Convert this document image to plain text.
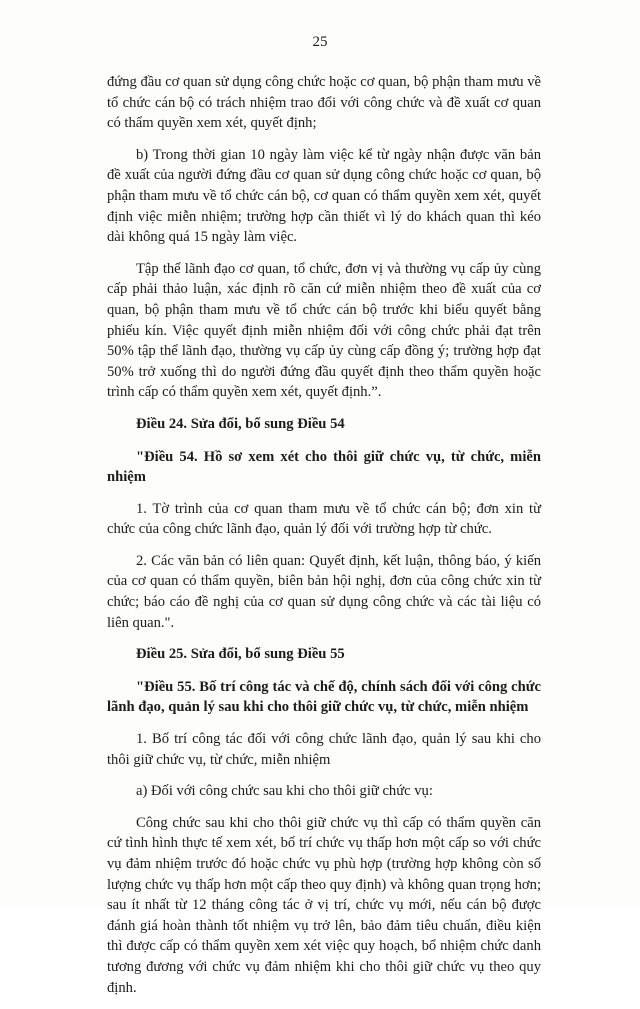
25

đứng đầu cơ quan sử dụng công chức hoặc cơ quan, bộ phận tham mưu về tổ chức cán bộ có trách nhiệm trao đổi với công chức và đề xuất cơ quan có thẩm quyền xem xét, quyết định;

b) Trong thời gian 10 ngày làm việc kể từ ngày nhận được văn bản đề xuất của người đứng đầu cơ quan sử dụng công chức hoặc cơ quan, bộ phận tham mưu về tổ chức cán bộ, cơ quan có thẩm quyền xem xét, quyết định việc miễn nhiệm; trường hợp cần thiết vì lý do khách quan thì kéo dài không quá 15 ngày làm việc.

Tập thể lãnh đạo cơ quan, tổ chức, đơn vị và thường vụ cấp ủy cùng cấp phải thảo luận, xác định rõ căn cứ miễn nhiệm theo đề xuất của cơ quan, bộ phận tham mưu về tổ chức cán bộ trước khi biểu quyết bằng phiếu kín. Việc quyết định miễn nhiệm đối với công chức phải đạt trên 50% tập thể lãnh đạo, thường vụ cấp ủy cùng cấp đồng ý; trường hợp đạt 50% trở xuống thì do người đứng đầu quyết định theo thẩm quyền hoặc trình cấp có thẩm quyền xem xét, quyết định.”.

Điều 24. Sửa đổi, bổ sung Điều 54

"Điều 54. Hồ sơ xem xét cho thôi giữ chức vụ, từ chức, miễn nhiệm

1. Tờ trình của cơ quan tham mưu về tổ chức cán bộ; đơn xin từ chức của công chức lãnh đạo, quản lý đối với trường hợp từ chức.

2. Các văn bản có liên quan: Quyết định, kết luận, thông báo, ý kiến của cơ quan có thẩm quyền, biên bản hội nghị, đơn của công chức xin từ chức; báo cáo đề nghị của cơ quan sử dụng công chức và các tài liệu có liên quan.".

Điều 25. Sửa đổi, bổ sung Điều 55

"Điều 55. Bố trí công tác và chế độ, chính sách đối với công chức lãnh đạo, quản lý sau khi cho thôi giữ chức vụ, từ chức, miễn nhiệm

1. Bố trí công tác đối với công chức lãnh đạo, quản lý sau khi cho thôi giữ chức vụ, từ chức, miễn nhiệm

a) Đối với công chức sau khi cho thôi giữ chức vụ:

Công chức sau khi cho thôi giữ chức vụ thì cấp có thẩm quyền căn cứ tình hình thực tế xem xét, bố trí chức vụ thấp hơn một cấp so với chức vụ đảm nhiệm trước đó hoặc chức vụ phù hợp (trường hợp không còn số lượng chức vụ thấp hơn một cấp theo quy định) và không quan trọng hơn; sau ít nhất từ 12 tháng công tác ở vị trí, chức vụ mới, nếu cán bộ được đánh giá hoàn thành tốt nhiệm vụ trở lên, bảo đảm tiêu chuẩn, điều kiện thì được cấp có thẩm quyền xem xét việc quy hoạch, bổ nhiệm chức danh tương đương với chức vụ đảm nhiệm khi cho thôi giữ chức vụ theo quy định.
